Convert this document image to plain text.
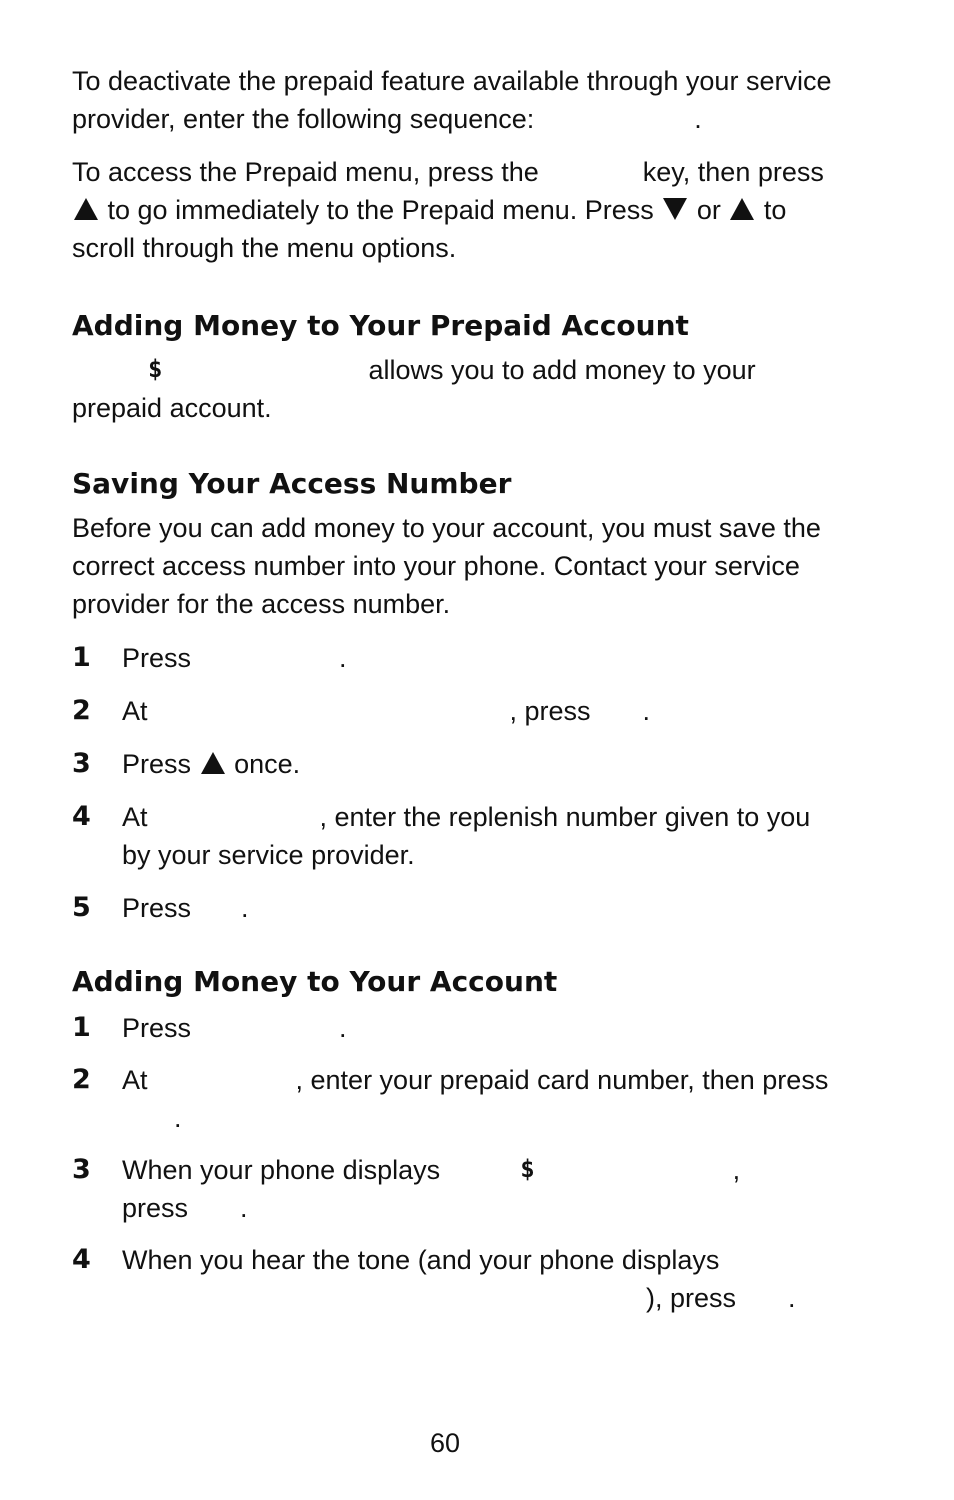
To deactivate the prepaid feature available through your service provider, enter the following sequence:	.

To access the Prepaid menu, press the	key, then press  to go immediately to the Prepaid menu. Press or to scroll through the menu options.

Adding Money to Your Prepaid Account

$	allows you to add money to your prepaid account.

Saving Your Access Number

Before you can add money to your account, you must save the correct access number into your phone. Contact your service provider for the access number.

1 Press	.
2 At	, press .
3 Press once.
4 At	, enter the replenish number given to you by your service provider.
5 Press .
Adding Money to Your Account
1 Press	.
2 At	, enter your prepaid card number, then press.
3 When your phone displays	$	,
press .
4 When you hear the tone (and your phone displays
), press .
60
